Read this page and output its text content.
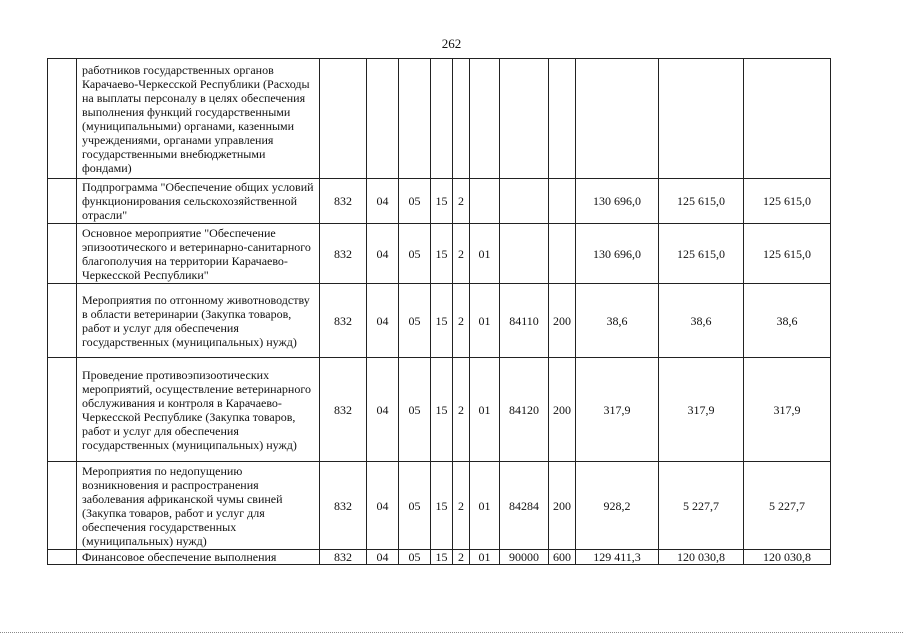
262
	работников государственных органов Карачаево-Черкесской Республики (Расходы на выплаты персоналу в целях обеспечения выполнения функций государственными (муниципальными) органами, казенными учреждениями, органами управления государственными внебюджетными фондами)											
	Подпрограмма "Обеспечение общих условий функционирования сельскохозяйственной отрасли"	832	04	05	15	2				130 696,0	125 615,0	125 615,0
	Основное мероприятие "Обеспечение эпизоотического и ветеринарно-санитарного благополучия на территории Карачаево-Черкесской Республики"	832	04	05	15	2	01			130 696,0	125 615,0	125 615,0
	Мероприятия по отгонному животноводству в области ветеринарии (Закупка товаров, работ и услуг для обеспечения государственных (муниципальных) нужд)	832	04	05	15	2	01	84110	200	38,6	38,6	38,6
	Проведение противоэпизоотических мероприятий, осуществление ветеринарного обслуживания и контроля в Карачаево-Черкесской Республике (Закупка товаров, работ и услуг для обеспечения государственных (муниципальных) нужд)	832	04	05	15	2	01	84120	200	317,9	317,9	317,9
	Мероприятия по недопущению возникновения и распространения заболевания африканской чумы свиней (Закупка товаров, работ и услуг для обеспечения государственных (муниципальных) нужд)	832	04	05	15	2	01	84284	200	928,2	5 227,7	5 227,7
	Финансовое обеспечение выполнения	832	04	05	15	2	01	90000	600	129 411,3	120 030,8	120 030,8
